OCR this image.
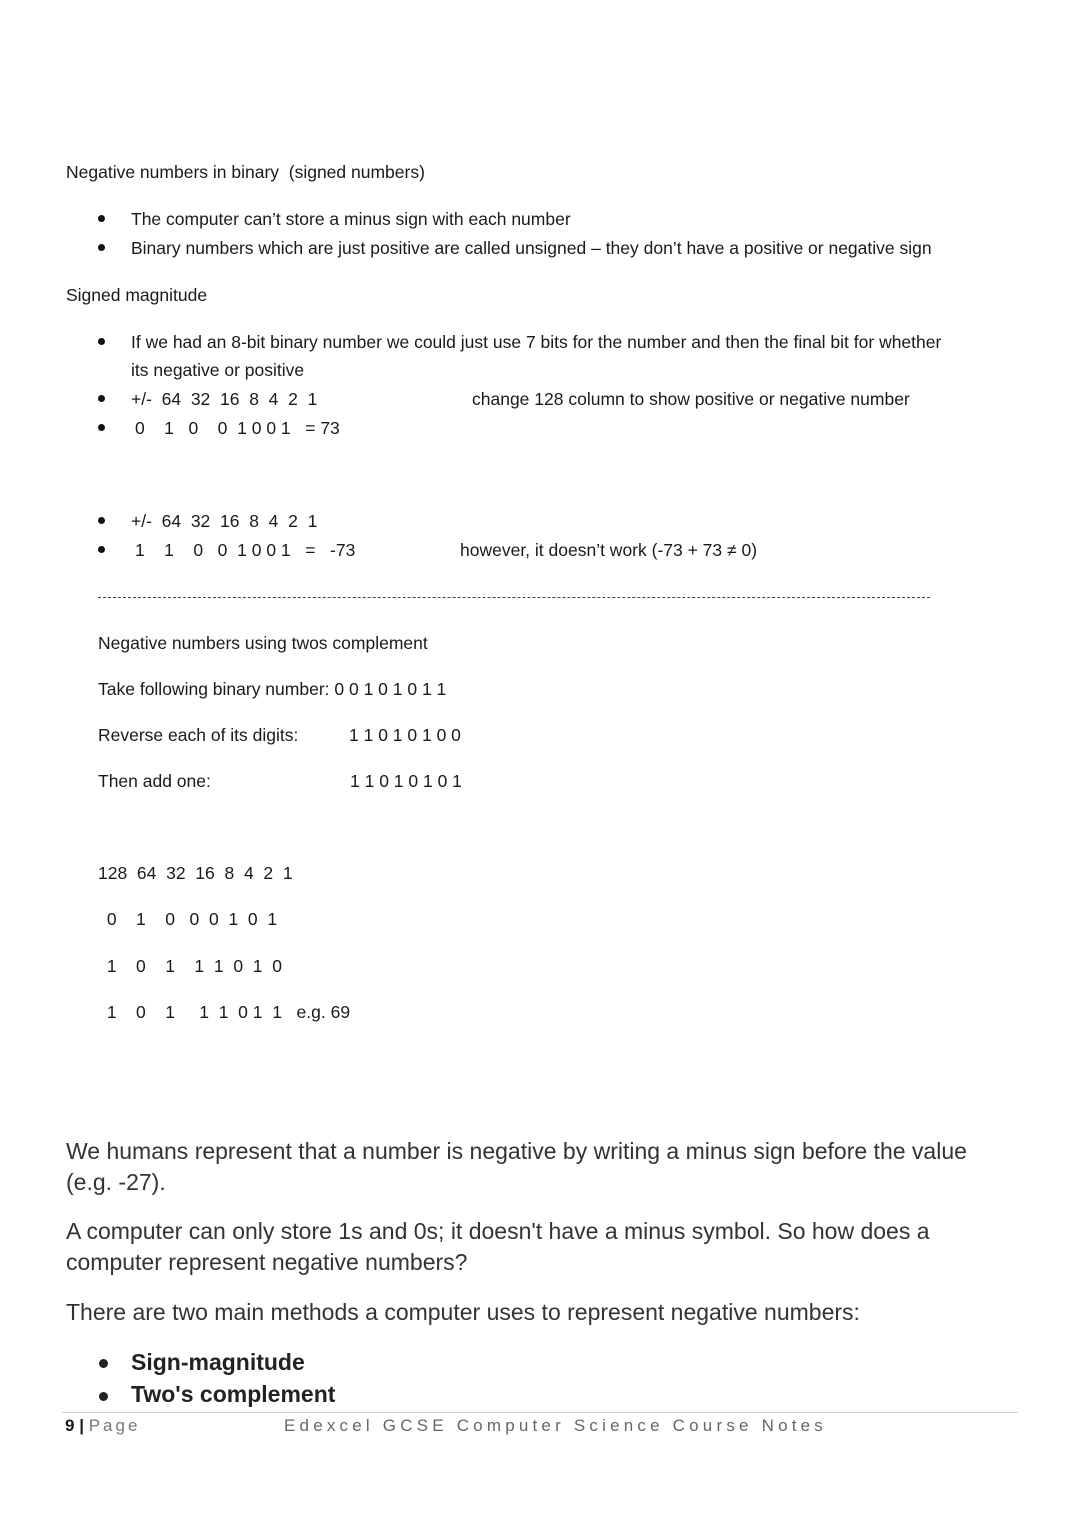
Negative numbers in binary  (signed numbers)
The computer can’t store a minus sign with each number
Binary numbers which are just positive are called unsigned – they don’t have a positive or negative sign
Signed magnitude
If we had an 8-bit binary number we could just use 7 bits for the number and then the final bit for whether
its negative or positive
+/-  64  32  16  8  4  2  1	change 128 column to show positive or negative number
0    1   0    0  1 0 0 1   = 73
+/-  64  32  16  8  4  2  1
1    1    0   0  1 0 0 1   =   -73	however, it doesn’t work (-73 + 73 ≠ 0)
Negative numbers using twos complement
Take following binary number: 0 0 1 0 1 0 1 1
Reverse each of its digits:	1 1 0 1 0 1 0 0
Then add one:	1 1 0 1 0 1 0 1
128  64  32  16  8  4  2  1
0    1    0   0  0  1  0  1
1    0    1    1  1  0  1  0
1    0    1     1  1  0 1  1   e.g. 69
We humans represent that a number is negative by writing a minus sign before the value
(e.g. -27).
A computer can only store 1s and 0s; it doesn't have a minus symbol. So how does a
computer represent negative numbers?
There are two main methods a computer uses to represent negative numbers:
Sign-magnitude
Two's complement
9 | Page	Edexcel GCSE Computer Science Course Notes
